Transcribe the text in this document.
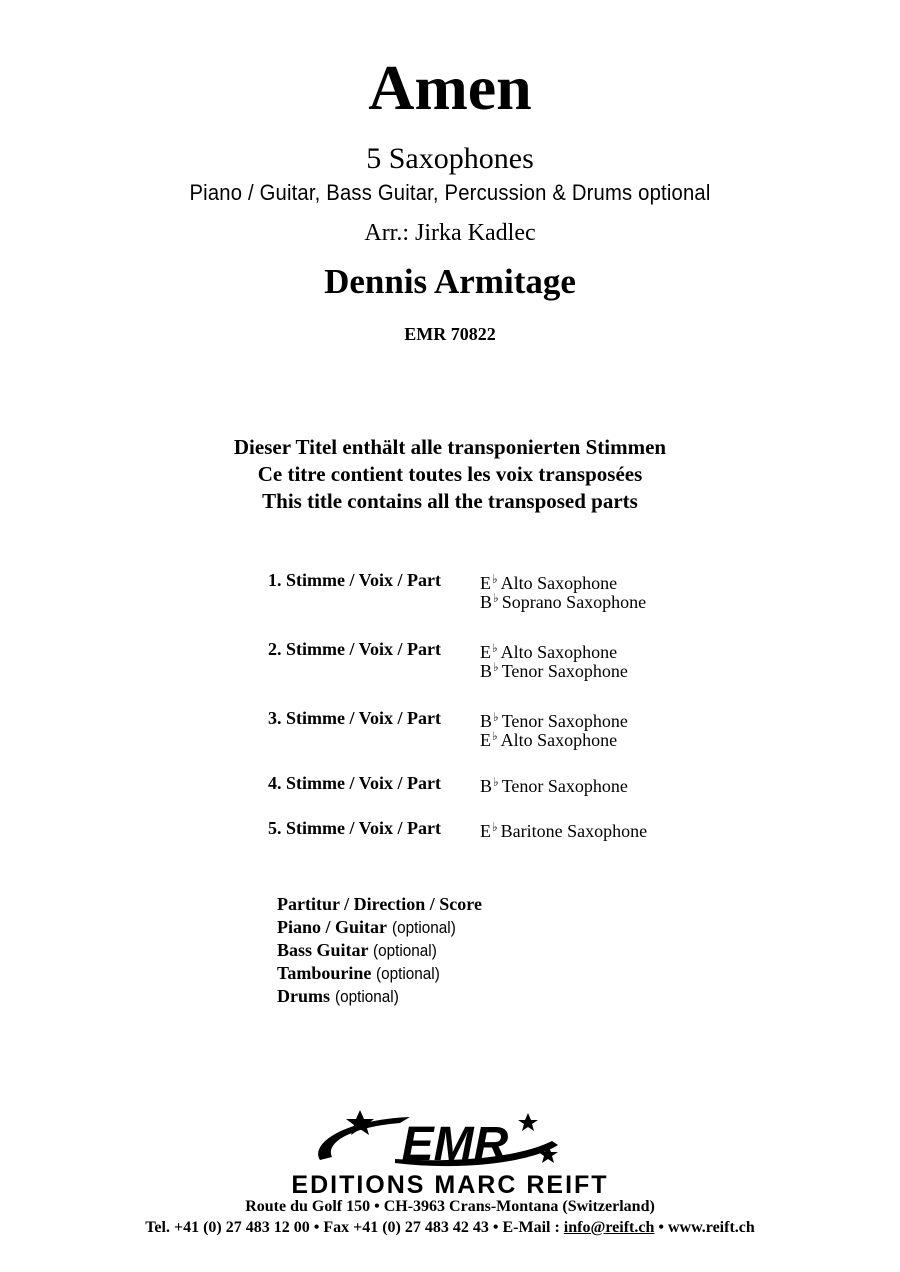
Amen
5 Saxophones
Piano / Guitar, Bass Guitar, Percussion & Drums optional
Arr.: Jirka Kadlec
Dennis Armitage
EMR 70822
Dieser Titel enthält alle transponierten Stimmen
Ce titre contient toutes les voix transposées
This title contains all the transposed parts
1. Stimme / Voix / Part	E♭ Alto Saxophone
B♭ Soprano Saxophone
2. Stimme / Voix / Part	E♭ Alto Saxophone
B♭ Tenor Saxophone
3. Stimme / Voix / Part	B♭ Tenor Saxophone
E♭ Alto Saxophone
4. Stimme / Voix / Part	B♭ Tenor Saxophone
5. Stimme / Voix / Part	E♭ Baritone Saxophone
Partitur / Direction / Score
Piano / Guitar (optional)
Bass Guitar (optional)
Tambourine (optional)
Drums (optional)
EMR
EDITIONS MARC REIFT
Route du Golf 150 • CH-3963 Crans-Montana (Switzerland)
Tel. +41 (0) 27 483 12 00 • Fax +41 (0) 27 483 42 43 • E-Mail : info@reift.ch • www.reift.ch
